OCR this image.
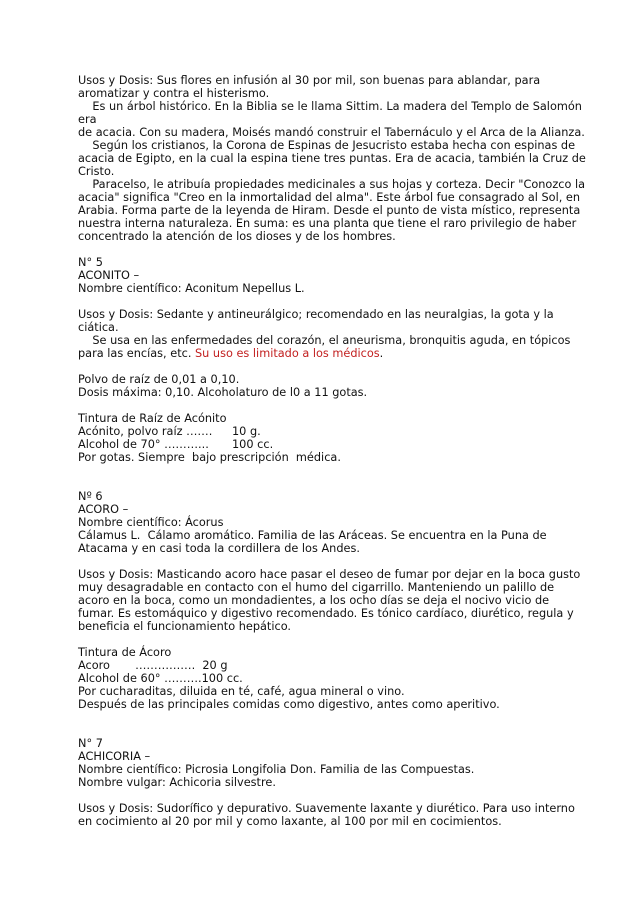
Usos y Dosis: Sus flores en infusión al 30 por mil, son buenas para ablandar, para
aromatizar y contra el histerismo.
Es un árbol histórico. En la Biblia se le llama Sittim. La madera del Templo de Salomón
era
de acacia. Con su madera, Moisés mandó construir el Tabernáculo y el Arca de la Alianza.
Según los cristianos, la Corona de Espinas de Jesucristo estaba hecha con espinas de
acacia de Egipto, en la cual la espina tiene tres puntas. Era de acacia, también la Cruz de
Cristo.
Paracelso, le atribuía propiedades medicinales a sus hojas y corteza. Decir "Conozco la
acacia" significa "Creo en la inmortalidad del alma". Este árbol fue consagrado al Sol, en
Arabia. Forma parte de la leyenda de Hiram. Desde el punto de vista místico, representa
nuestra interna naturaleza. En suma: es una planta que tiene el raro privilegio de haber
concentrado la atención de los dioses y de los hombres.
N° 5
ACONITO –
Nombre científico: Aconitum Nepellus L.
Usos y Dosis: Sedante y antineurálgico; recomendado en las neuralgias, la gota y la
ciática.
Se usa en las enfermedades del corazón, el aneurisma, bronquitis aguda, en tópicos
para las encías, etc. Su uso es limitado a los médicos.
Polvo de raíz de 0,01 a 0,10.
Dosis máxima: 0,10. Alcoholaturo de l0 a 11 gotas.
Tintura de Raíz de Acónito
Acónito, polvo raíz ……. 10 g.
Alcohol de 70° ………... 100 cc.
Por gotas. Siempre  bajo prescripción  médica.
Nº 6
ACORO –
Nombre científico: Ácorus
Cálamus L.  Cálamo aromático. Familia de las Aráceas. Se encuentra en la Puna de
Atacama y en casi toda la cordillera de los Andes.
Usos y Dosis: Masticando acoro hace pasar el deseo de fumar por dejar en la boca gusto
muy desagradable en contacto con el humo del cigarrillo. Manteniendo un palillo de
acoro en la boca, como un mondadientes, a los ocho días se deja el nocivo vicio de
fumar. Es estomáquico y digestivo recomendado. Es tónico cardíaco, diurético, regula y
beneficia el funcionamiento hepático.
Tintura de Ácoro
Acoro       …………….  20 g
Alcohol de 60° ……….100 cc.
Por cucharaditas, diluida en té, café, agua mineral o vino.
Después de las principales comidas como digestivo, antes como aperitivo.
N° 7
ACHICORIA –
Nombre científico: Picrosia Longifolia Don. Familia de las Compuestas.
Nombre vulgar: Achicoria silvestre.
Usos y Dosis: Sudorífico y depurativo. Suavemente laxante y diurético. Para uso interno
en cocimiento al 20 por mil y como laxante, al 100 por mil en cocimientos.
